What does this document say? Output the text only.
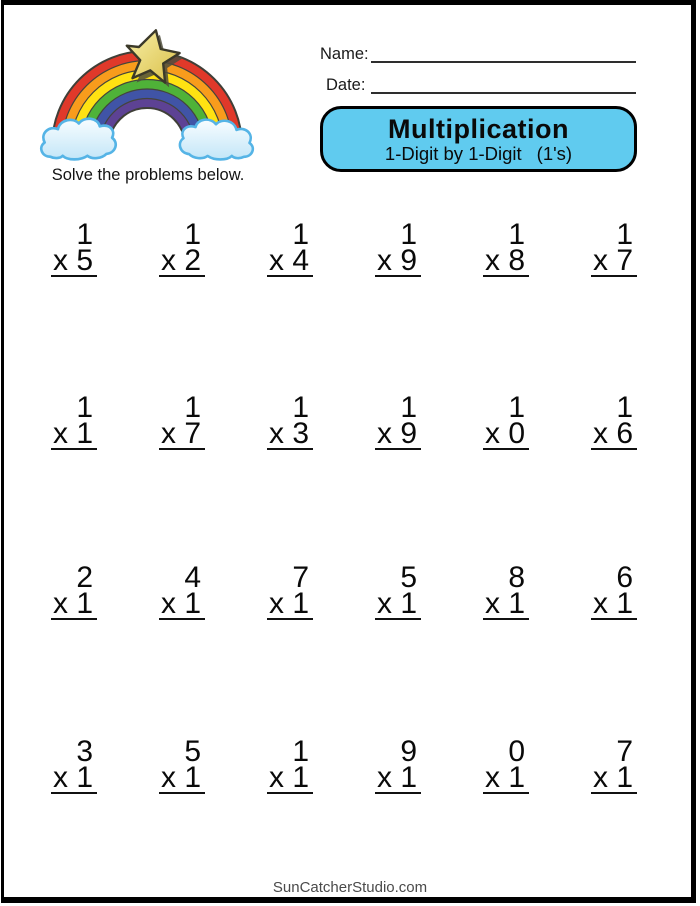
Solve the problems below.
Name:
Date:
Multiplication
1-Digit by 1-Digit (1's)
1
x 5
1
x 2
1
x 4
1
x 9
1
x 8
1
x 7
1
x 1
1
x 7
1
x 3
1
x 9
1
x 0
1
x 6
2
x 1
4
x 1
7
x 1
5
x 1
8
x 1
6
x 1
3
x 1
5
x 1
1
x 1
9
x 1
0
x 1
7
x 1
SunCatcherStudio.com
